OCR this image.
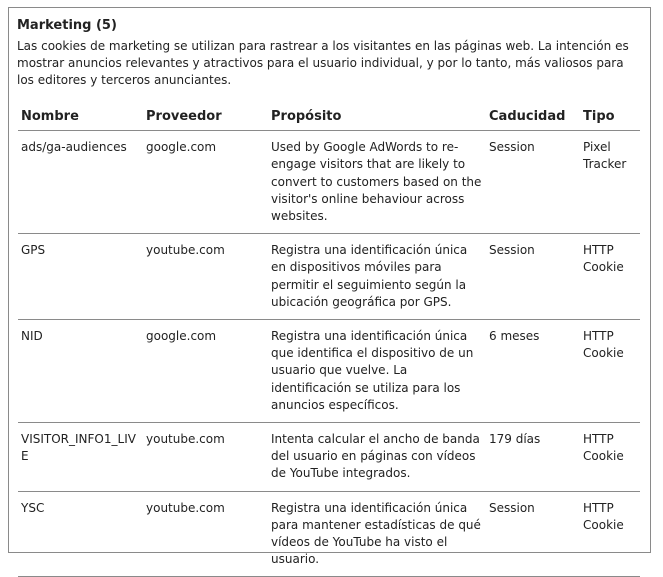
Marketing (5)
Las cookies de marketing se utilizan para rastrear a los visitantes en las páginas web. La intención es mostrar anuncios relevantes y atractivos para el usuario individual, y por lo tanto, más valiosos para los editores y terceros anunciantes.
Nombre	Proveedor	Propósito	Caducidad	Tipo
ads/ga-audiences	google.com	Used by Google AdWords to re-engage visitors that are likely to convert to customers based on the visitor's online behaviour across websites.	Session	Pixel Tracker
GPS	youtube.com	Registra una identificación única en dispositivos móviles para permitir el seguimiento según la ubicación geográfica por GPS.	Session	HTTP Cookie
NID	google.com	Registra una identificación única que identifica el dispositivo de un usuario que vuelve. La identificación se utiliza para los anuncios específicos.	6 meses	HTTP Cookie
VISITOR_INFO1_LIVE	youtube.com	Intenta calcular el ancho de banda del usuario en páginas con vídeos de YouTube integrados.	179 días	HTTP Cookie
YSC	youtube.com	Registra una identificación única para mantener estadísticas de qué vídeos de YouTube ha visto el usuario.	Session	HTTP Cookie
